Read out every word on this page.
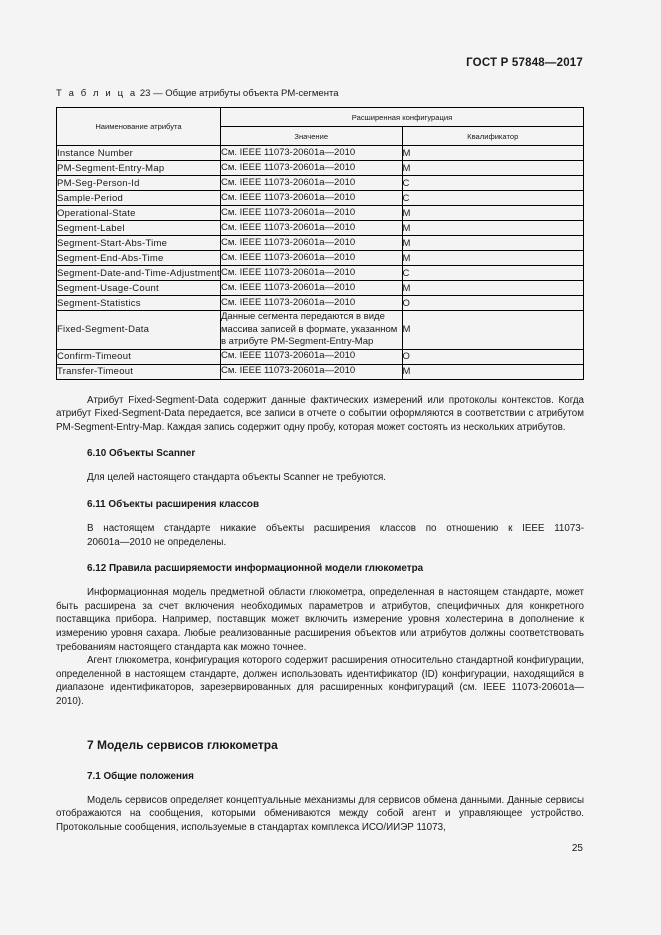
ГОСТ Р 57848—2017
Т а б л и ц а 23 — Общие атрибуты объекта PM-сегмента
Наименование атрибута	Расширенная конфигурация	
	Значение	Квалификатор
Instance Number	См. IEEE 11073-20601a—2010	M
PM-Segment-Entry-Map	См. IEEE 11073-20601a—2010	M
PM-Seg-Person-Id	См. IEEE 11073-20601a—2010	C
Sample-Period	См. IEEE 11073-20601a—2010	C
Operational-State	См. IEEE 11073-20601a—2010	M
Segment-Label	См. IEEE 11073-20601a—2010	M
Segment-Start-Abs-Time	См. IEEE 11073-20601a—2010	M
Segment-End-Abs-Time	См. IEEE 11073-20601a—2010	M
Segment-Date-and-Time-Adjustment	См. IEEE 11073-20601a—2010	C
Segment-Usage-Count	См. IEEE 11073-20601a—2010	M
Segment-Statistics	См. IEEE 11073-20601a—2010	O
Fixed-Segment-Data	Данные сегмента передаются в виде массива записей в формате, указанном в атрибуте PM-Segment-Entry-Map	M
Confirm-Timeout	См. IEEE 11073-20601a—2010	O
Transfer-Timeout	См. IEEE 11073-20601a—2010	M

Атрибут Fixed-Segment-Data содержит данные фактических измерений или протоколы контекстов. Когда атрибут Fixed-Segment-Data передается, все записи в отчете о событии оформляются в соответствии с атрибутом PM-Segment-Entry-Map. Каждая запись содержит одну пробу, которая может состоять из нескольких атрибутов.

6.10 Объекты Scanner

Для целей настоящего стандарта объекты Scanner не требуются.

6.11 Объекты расширения классов

В настоящем стандарте никакие объекты расширения классов по отношению к IEEE 11073-
20601a—2010 не определены.

6.12 Правила расширяемости информационной модели глюкометра

Информационная модель предметной области глюкометра, определенная в настоящем стандарте, может быть расширена за счет включения необходимых параметров и атрибутов, специфичных для конкретного поставщика прибора. Например, поставщик может включить измерение уровня холестерина в дополнение к измерению уровня сахара. Любые реализованные расширения объектов или атрибутов должны соответствовать требованиям настоящего стандарта как можно точнее.

Агент глюкометра, конфигурация которого содержит расширения относительно стандартной конфигурации, определенной в настоящем стандарте, должен использовать идентификатор (ID) конфигурации, находящийся в диапазоне идентификаторов, зарезервированных для расширенных конфигураций (см. IEEE 11073-20601a—2010).

7 Модель сервисов глюкометра
7.1 Общие положения

Модель сервисов определяет концептуальные механизмы для сервисов обмена данными. Данные сервисы отображаются на сообщения, которыми обмениваются между собой агент и управляющее устройство. Протокольные сообщения, используемые в стандартах комплекса ИСО/ИИЭР 11073,

25
